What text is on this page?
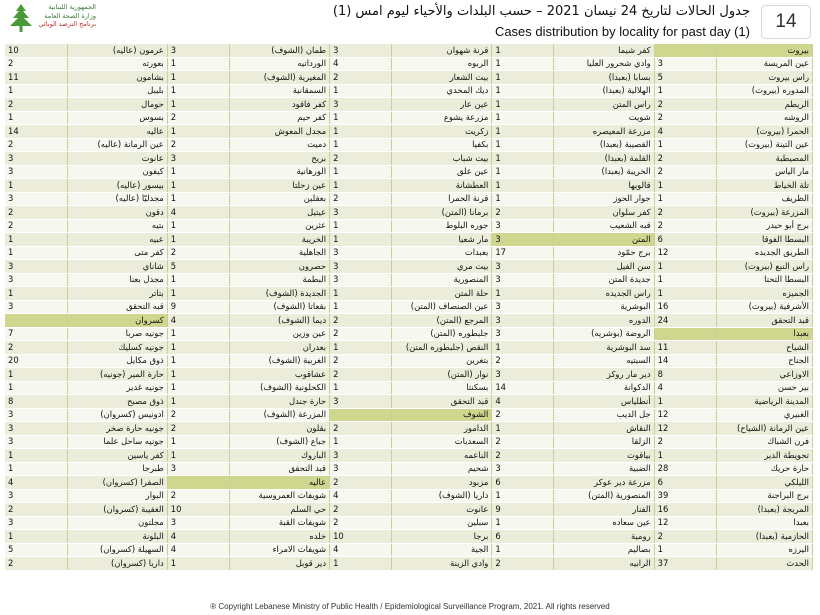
الجمهورية اللبنانية
وزارة الصحة العامة
برنامج الترصد الوبائي
جدول الحالات لتاريخ 24 نيسان 2021 – حسب البلدات والأحياء ليوم امس (1)
Cases distribution by locality for past day (1)	14
10	عرمون (عاليه)	3	طمان (الشوف)	3	قرنة شهوان	1	كفر شيما		بيروت
2	بعورته	1	الورداتيه	4	الربوه	1	وادي شحرور العليا	3	عين المريسة
11	بشامون	1	المغيرية (الشوف)	2	بيت الشعار	1	بسابا (بعبدا)	5	راس بيروت
1	بليبل	1	السمقانية	1	ديك المحدي	1	الهلالية (بعبدا)	1	المدوره (بيروت)
2	حومال	1	كفر فاقود	3	عين عار	1	راس المتن	2	الريطم
1	بسوس	2	كفر حيم	1	مزرعة يشوع	1	شويت	2	الروشه
14	عاليه	1	مجدل المعوش	1	زكريت	1	مزرعة المعيصره	4	الحمرا (بيروت)
2	عين الرمانة (عاليه)	2	دميت	1	بكفيا	1	القصيبة (بعبدا)	1	عين التينة (بيروت)
3	عانوت	3	بريح	2	بيت شباب	1	القلمة (بعبدا)	2	المصيطبة
3	كيفون	1	الورهانية	1	عين علق	1	الخريبة (بعبدا)	2	مار الياس
1	بيسور (عاليه)	1	عين زحلتا	1	العطشانة	1	قالويها	1	تلة الخياط
3	مجدليّا (عاليه)	1	بعقلين	2	قرنة الحمرا	1	جوار الحوز	1	الظريف
2	دقون	4	عيتيل	3	برمانا (المتن)	2	كفر سلوان	2	المزرعة (بيروت)
2	بتيه	1	عثرين	1	جوره البلوط	3	قبه الشعيب	2	برج أبو حيدر
1	عبيه	1	الخريبة	1	مار شعيا	3	المتن	6	البسطا الفوقا
1	كفر متى	2	الجاهلية	3	بعبدات	17	برج حمّود	12	الطريق الجديده
3	شاناي	5	حصرون	3	بيت مري	3	سن الفيل	1	راس النبع (بيروت)
3	مجدل بعنا	1	البطمة	3	المنصورية	3	جديدة المتن	1	البسطا التحتا
1	بتاتر	1	الجديدة (الشوف)	1	حلة المتن	1	راس الجديده	1	الجميزه
3	قبه التحقق	9	بقعاتا (الشوف)	1	عين الصنصاف (المتن)	3	البوشرية	16	الأشرفية (بيروت)
	كسروان	4	ديما (الشوف)	2	المرجع (المتن)	3	الدوره	24	قبد التحقق
7	جونيه صربا	1	عين وزين	2	جلبطوره (المتن)	3	الروضة (بوشريه)		بعبدا
2	جونيه كسليك	1	بعدران	1	النقص (جلبطوره المتن)	1	سد البوشرية	11	الشياح
20	ذوق مكايل	1	الغربية (الشوف)	2	بتغرين	2	السبتيه	14	الجناح
1	حارة المير (جونيه)	1	عشاقوب	2	نوار (المتن)	3	دير مار روكز	8	الاوزاعي
1	جونيه غدير	1	الكحلونية (الشوف)	1	بسكنتا	14	الدكوانة	4	بير حسن
8	ذوق مصبح	1	حارة جندل	3	قبد التحقق	4	أنطلياس	1	المدينة الرياضية
3	ادونيس (كسروان)	2	المزرعة (الشوف)		الشوف	2	جل الديب	12	الغبيري
3	جونيه حارة صخر	2	بقلون	2	الدامور	1	النقاش	12	عين الرمانة (الشياح)
3	جونيه ساحل علما	1	جباع (الشوف)	1	السعديات	2	الزلقا	2	فرن الشباك
1	كفر ياسين	1	الباروك	3	الناعمه	2	بياقوت	1	تحويطة الدير
1	طبرجا	3	قبد التحقق	3	شحيم	3	الضبية	28	حارة حريك
4	الصفرا (كسروان)		عاليه	2	مزبود	6	مزرعة دير عوكر	6	الليلكي
3	البوار	2	شويفات العمروسية	4	داريا (الشوف)	1	المنصورية (المتن)	39	برج البراجنة
2	الغقيبة (كسروان)	10	حي السلم	2	عانوت	9	الفنار	16	المريجة (بعبدا)
3	مجلتون	3	شويفات القبة	2	سبلين	1	عين سعاده	12	بعبدا
1	البلونة	4	خلده	10	برجا	6	رومية	2	الحازمية (بعبدا)
5	السهيلة (كسروان)	4	شويفات الامراء	4	الجية	1	بصاليم	1	اليرزه
2	داريا (كسروان)	1	دير قوبل	1	وادي الزينة	2	الرابيه	37	الحدث
® Copyright Lebanese Ministry of Public Health / Epidemiological Surveillance Program, 2021. All rights reserved
